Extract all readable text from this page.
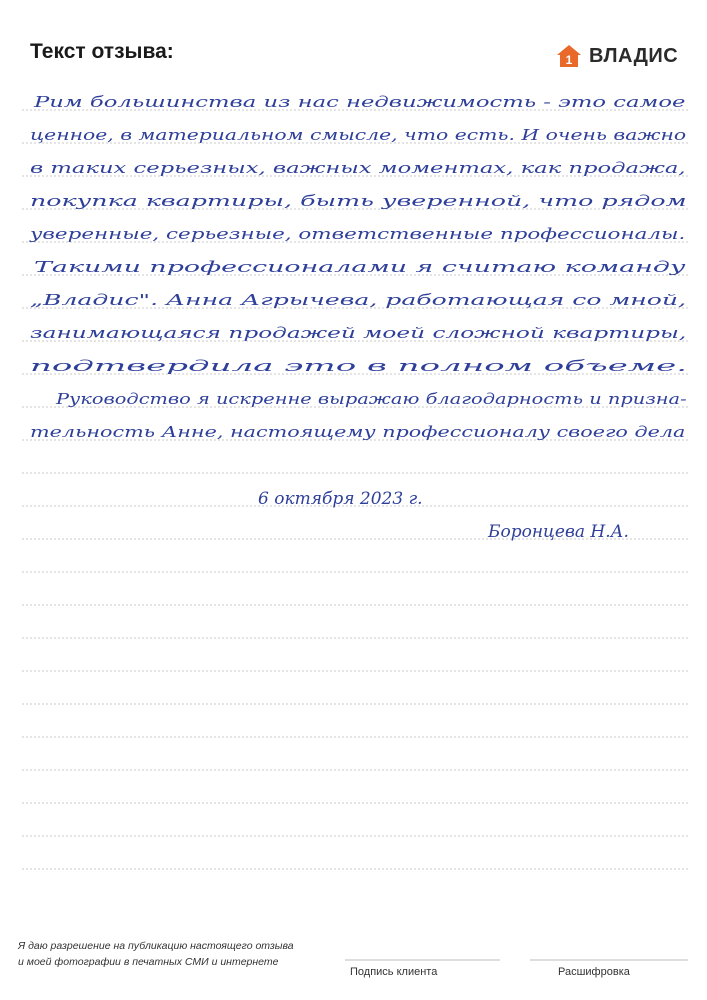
Текст отзыва:	1 ВЛАДИС
Рим большинства из нас недвижимость - это самое
ценное, в материальном смысле, что есть. И очень важно
в таких серьезных, важных моментах, как продажа,
покупка квартиры, быть уверенной, что рядом
уверенные, серьезные, ответственные профессионалы.
Такими профессионалами я считаю команду
„Владис". Анна Агрычева, работающая со мной,
занимающаяся продажей моей сложной квартиры,
подтвердила это в полном объеме.
Руководство я искренне выражаю благодарность и призна-
тельность Анне, настоящему профессионалу своего дела
6 октября 2023 г.
Боронцева Н.А.
Я даю разрешение на публикацию настоящего отзыва
и моей фотографии в печатных СМИ и интернете
Подпись клиента	Расшифровка
